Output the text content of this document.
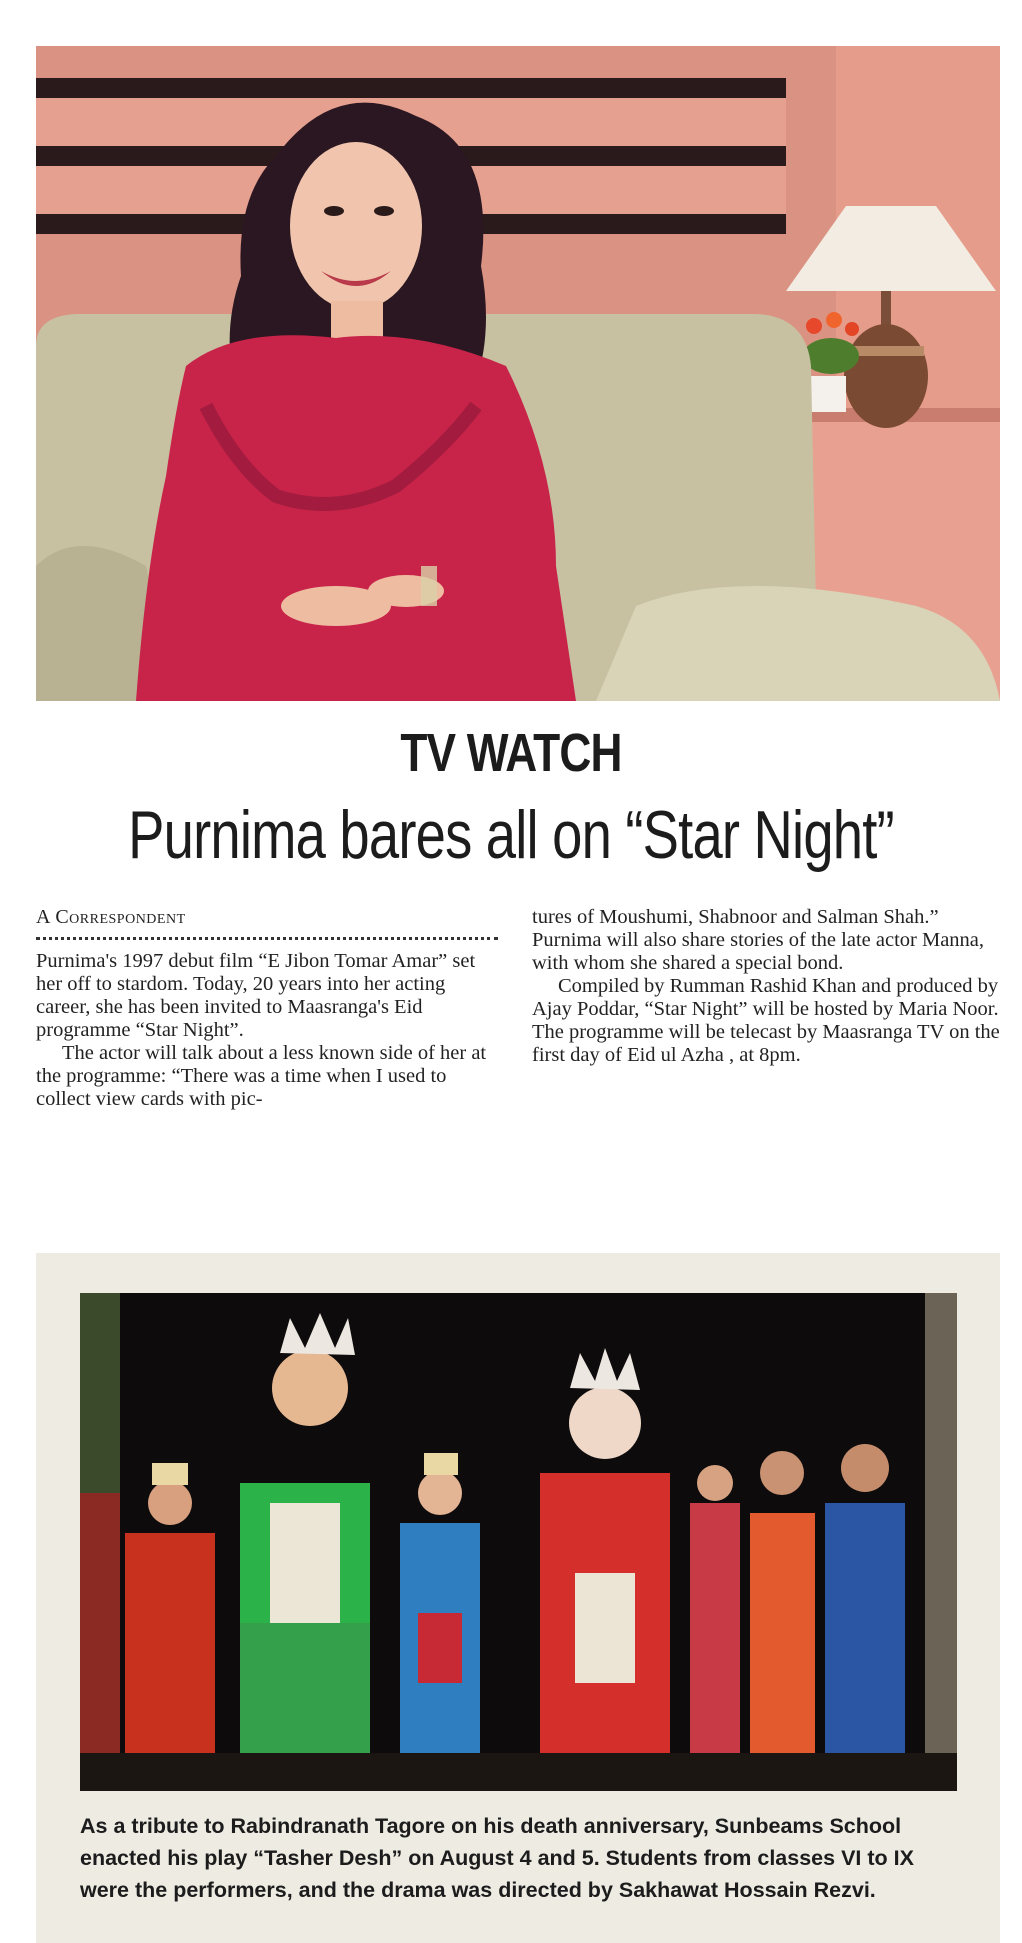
TV WATCH
Purnima bares all on “Star Night”
A Correspondent

Purnima's 1997 debut film “E Jibon Tomar Amar” set her off to stardom. Today, 20 years into her acting career, she has been invited to Maasranga's Eid programme “Star Night”.

The actor will talk about a less known side of her at the programme: “There was a time when I used to collect view cards with pic-

tures of Moushumi, Shabnoor and Salman Shah.” Purnima will also share stories of the late actor Manna, with whom she shared a special bond.

Compiled by Rumman Rashid Khan and produced by Ajay Poddar, “Star Night” will be hosted by Maria Noor. The programme will be telecast by Maasranga TV on the first day of Eid ul Azha , at 8pm.

As a tribute to Rabindranath Tagore on his death anniversary, Sunbeams School enacted his play “Tasher Desh” on August 4 and 5. Students from classes VI to IX were the performers, and the drama was directed by Sakhawat Hossain Rezvi.
